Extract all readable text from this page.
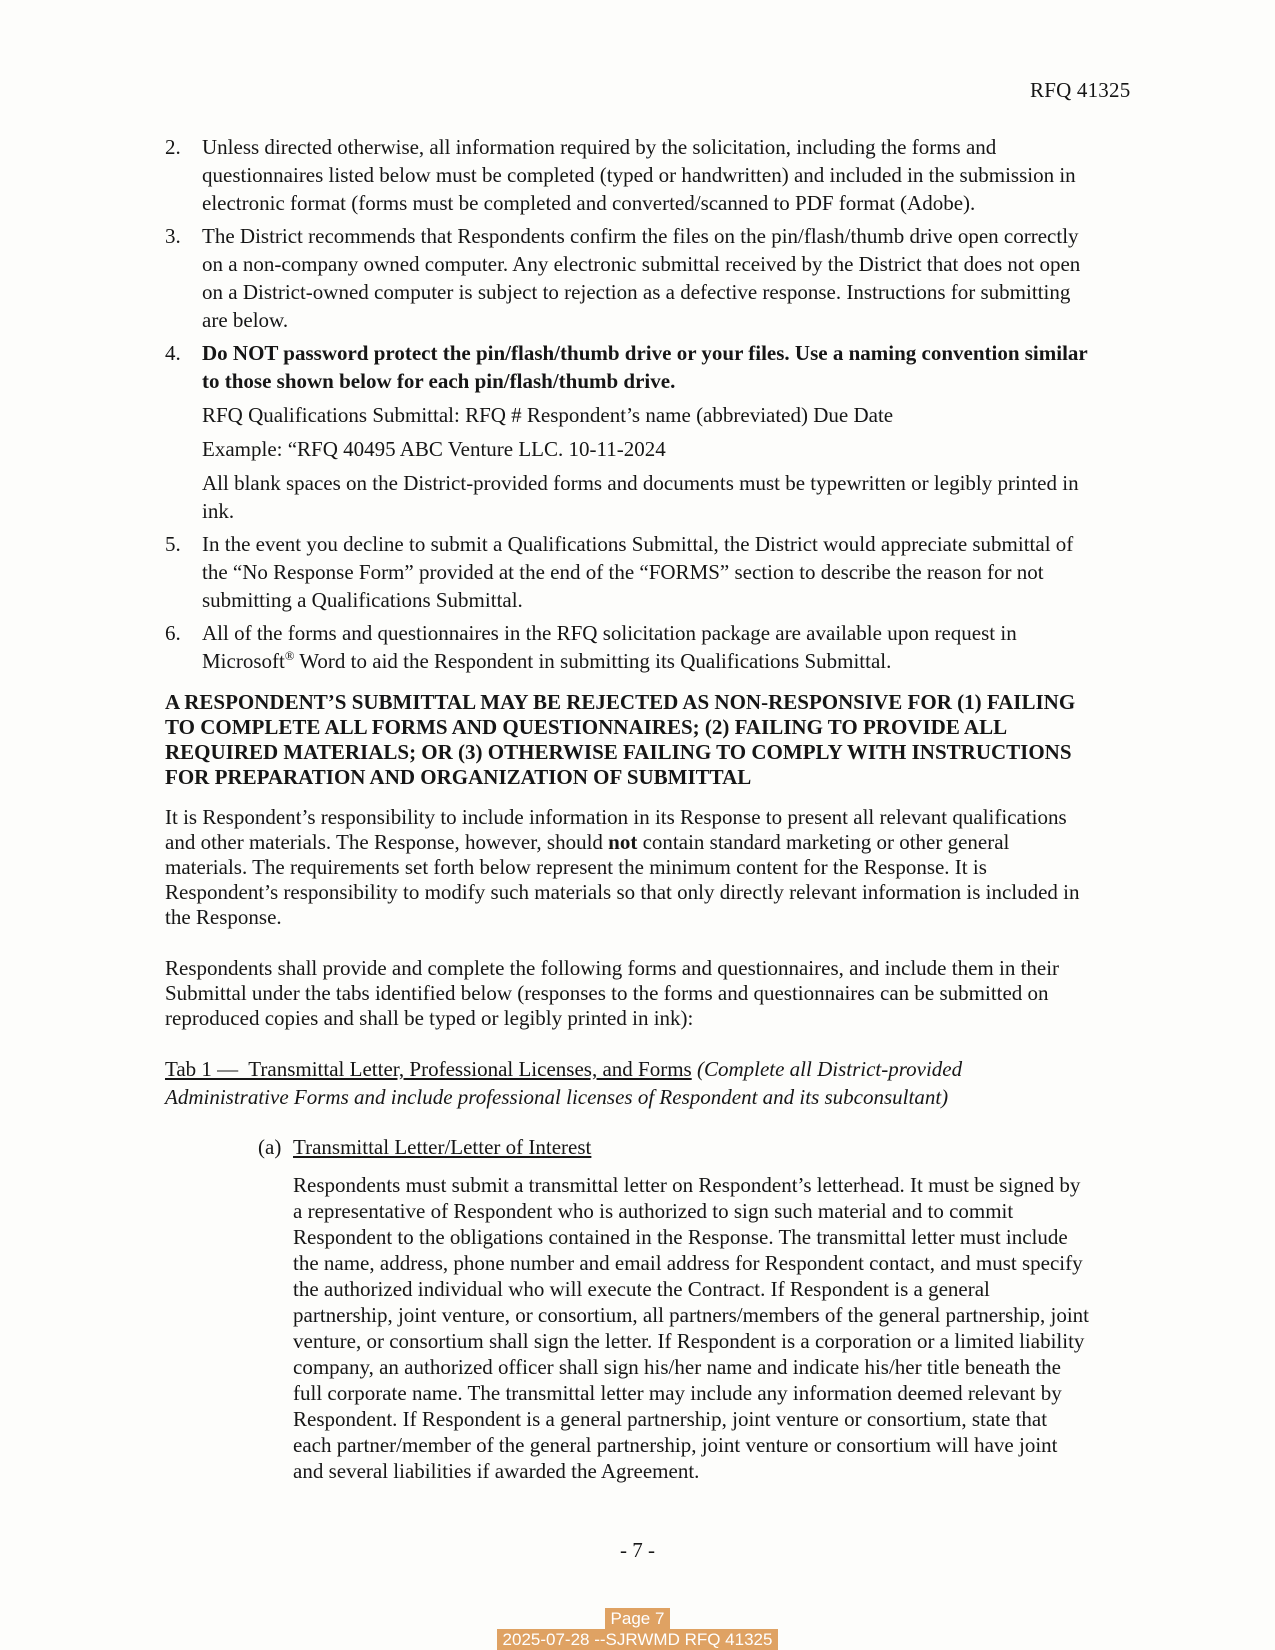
RFQ 41325
2.	Unless directed otherwise, all information required by the solicitation, including the forms and questionnaires listed below must be completed (typed or handwritten) and included in the submission in electronic format (forms must be completed and converted/scanned to PDF format (Adobe).
3.	The District recommends that Respondents confirm the files on the pin/flash/thumb drive open correctly on a non-company owned computer. Any electronic submittal received by the District that does not open on a District-owned computer is subject to rejection as a defective response. Instructions for submitting are below.
4.	Do NOT password protect the pin/flash/thumb drive or your files. Use a naming convention similar to those shown below for each pin/flash/thumb drive.
RFQ Qualifications Submittal: RFQ # Respondent’s name (abbreviated) Due Date
Example: “RFQ 40495 ABC Venture LLC. 10-11-2024
All blank spaces on the District-provided forms and documents must be typewritten or legibly printed in ink.
5.	In the event you decline to submit a Qualifications Submittal, the District would appreciate submittal of the “No Response Form” provided at the end of the “FORMS” section to describe the reason for not submitting a Qualifications Submittal.
6.	All of the forms and questionnaires in the RFQ solicitation package are available upon request in Microsoft® Word to aid the Respondent in submitting its Qualifications Submittal.
A RESPONDENT’S SUBMITTAL MAY BE REJECTED AS NON-RESPONSIVE FOR (1) FAILING TO COMPLETE ALL FORMS AND QUESTIONNAIRES; (2) FAILING TO PROVIDE ALL REQUIRED MATERIALS; OR (3) OTHERWISE FAILING TO COMPLY WITH INSTRUCTIONS FOR PREPARATION AND ORGANIZATION OF SUBMITTAL
It is Respondent’s responsibility to include information in its Response to present all relevant qualifications and other materials. The Response, however, should not contain standard marketing or other general materials. The requirements set forth below represent the minimum content for the Response. It is Respondent’s responsibility to modify such materials so that only directly relevant information is included in the Response.
Respondents shall provide and complete the following forms and questionnaires, and include them in their Submittal under the tabs identified below (responses to the forms and questionnaires can be submitted on reproduced copies and shall be typed or legibly printed in ink):
Tab 1 —  Transmittal Letter, Professional Licenses, and Forms (Complete all District-provided Administrative Forms and include professional licenses of Respondent and its subconsultant)
(a) Transmittal Letter/Letter of Interest
Respondents must submit a transmittal letter on Respondent’s letterhead. It must be signed by a representative of Respondent who is authorized to sign such material and to commit Respondent to the obligations contained in the Response. The transmittal letter must include the name, address, phone number and email address for Respondent contact, and must specify the authorized individual who will execute the Contract. If Respondent is a general partnership, joint venture, or consortium, all partners/members of the general partnership, joint venture, or consortium shall sign the letter. If Respondent is a corporation or a limited liability company, an authorized officer shall sign his/her name and indicate his/her title beneath the full corporate name. The transmittal letter may include any information deemed relevant by Respondent. If Respondent is a general partnership, joint venture or consortium, state that each partner/member of the general partnership, joint venture or consortium will have joint and several liabilities if awarded the Agreement.
- 7 -
Page 7
2025-07-28 --SJRWMD RFQ 41325
